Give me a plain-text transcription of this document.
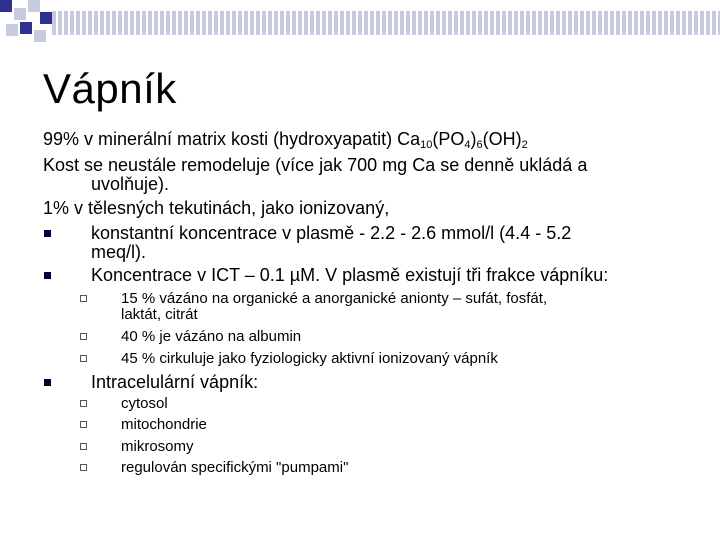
Vápník
99% v minerální matrix kosti (hydroxyapatit) $Ca_{10}(PO_4)_6(OH)_2$
Kost se neustále remodeluje (více jak 700 mg Ca se denně ukládá a
uvolňuje).
1% v tělesných tekutinách, jako ionizovaný,
konstantní koncentrace v plasmě - 2.2 - 2.6 mmol/l (4.4 - 5.2
meq/l).
Koncentrace v ICT – 0.1 µM. V plasmě existují tři frakce vápníku:
15 % vázáno na organické a anorganické anionty – sufát, fosfát,
laktát, citrát
40 % je vázáno na albumin
45 % cirkuluje jako fyziologicky aktivní ionizovaný vápník
Intracelulární vápník:
cytosol
mitochondrie
mikrosomy
regulován specifickými "pumpami"
